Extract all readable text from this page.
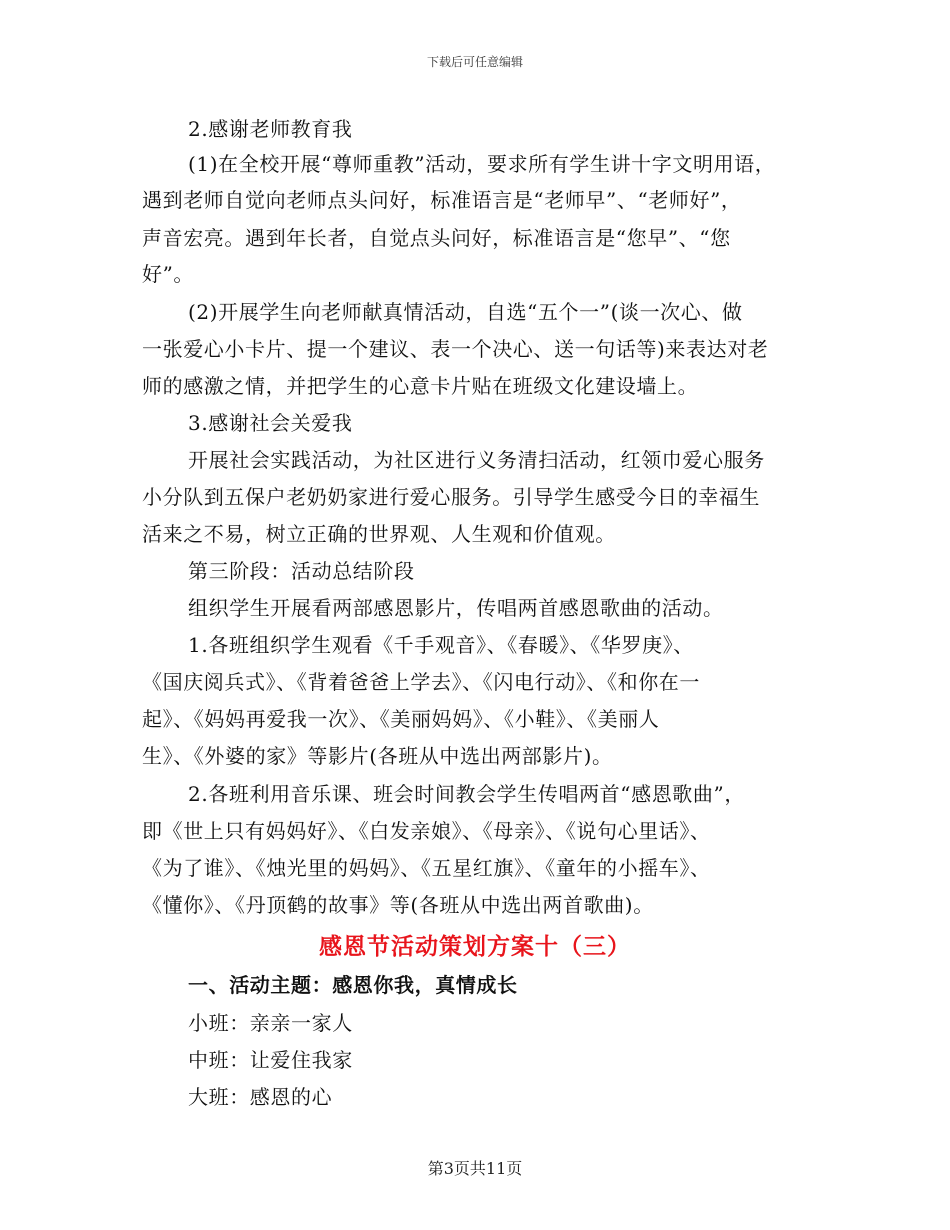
下载后可任意编辑
2.感谢老师教育我
(1)在全校开展“尊师重教”活动，要求所有学生讲十字文明用语，
遇到老师自觉向老师点头问好，标准语言是“老师早”、“老师好”，
声音宏亮。遇到年长者，自觉点头问好，标准语言是“您早”、“您
好”。
(2)开展学生向老师献真情活动，自选“五个一”(谈一次心、做
一张爱心小卡片、提一个建议、表一个决心、送一句话等)来表达对老
师的感激之情，并把学生的心意卡片贴在班级文化建设墙上。
3.感谢社会关爱我
开展社会实践活动，为社区进行义务清扫活动，红领巾爱心服务
小分队到五保户老奶奶家进行爱心服务。引导学生感受今日的幸福生
活来之不易，树立正确的世界观、人生观和价值观。
第三阶段：活动总结阶段
组织学生开展看两部感恩影片，传唱两首感恩歌曲的活动。
1.各班组织学生观看《千手观音》、《春暖》、《华罗庚》、
《国庆阅兵式》、《背着爸爸上学去》、《闪电行动》、《和你在一
起》、《妈妈再爱我一次》、《美丽妈妈》、《小鞋》、《美丽人
生》、《外婆的家》等影片(各班从中选出两部影片)。
2.各班利用音乐课、班会时间教会学生传唱两首“感恩歌曲”，
即《世上只有妈妈好》、《白发亲娘》、《母亲》、《说句心里话》、
《为了谁》、《烛光里的妈妈》、《五星红旗》、《童年的小摇车》、
《懂你》、《丹顶鹤的故事》等(各班从中选出两首歌曲)。
感恩节活动策划方案十（三）
一、活动主题：感恩你我，真情成长
小班：亲亲一家人
中班：让爱住我家
大班：感恩的心
第3页共11页
